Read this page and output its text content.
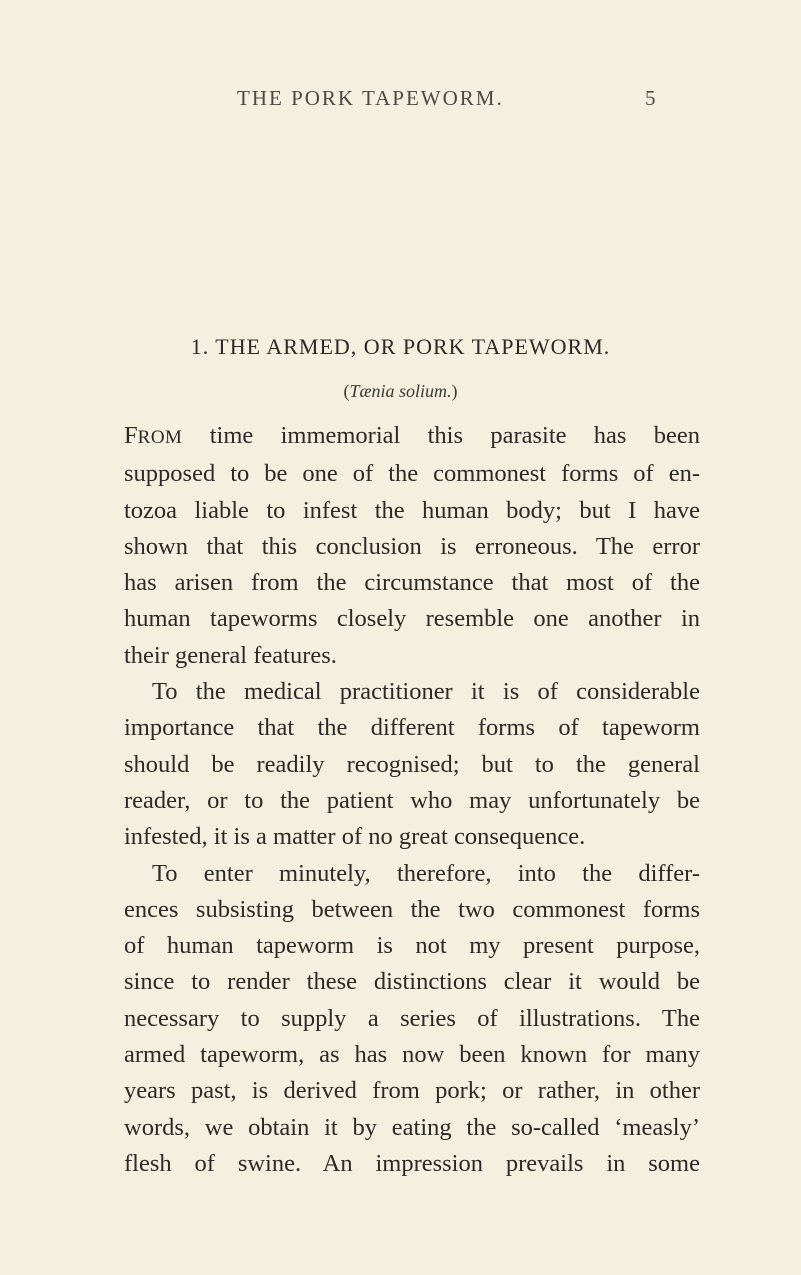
THE PORK TAPEWORM.	5
1. THE ARMED, OR PORK TAPEWORM.
(Tænia solium.)
FROM time immemorial this parasite has been
supposed to be one of the commonest forms of en-
tozoa liable to infest the human body; but I have
shown that this conclusion is erroneous. The error
has arisen from the circumstance that most of the
human tapeworms closely resemble one another in
their general features.
To the medical practitioner it is of considerable
importance that the different forms of tapeworm
should be readily recognised; but to the general
reader, or to the patient who may unfortunately be
infested, it is a matter of no great consequence.
To enter minutely, therefore, into the differ-
ences subsisting between the two commonest forms
of human tapeworm is not my present purpose,
since to render these distinctions clear it would be
necessary to supply a series of illustrations. The
armed tapeworm, as has now been known for many
years past, is derived from pork; or rather, in other
words, we obtain it by eating the so-called ‘measly’
flesh of swine. An impression prevails in some
